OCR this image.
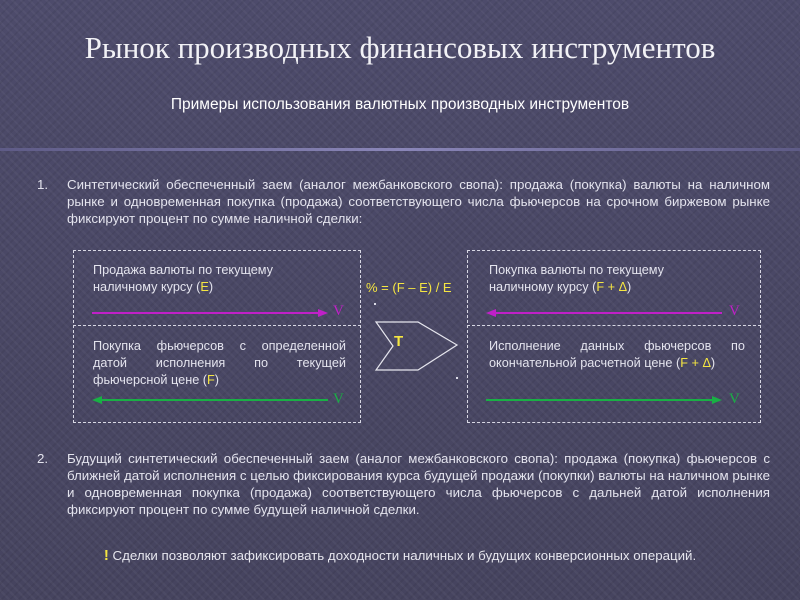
Рынок производных финансовых инструментов
Примеры использования валютных производных инструментов
1. Синтетический обеспеченный заем (аналог межбанковского свопа): продажа (покупка) валюты на наличном рынке и одновременная покупка (продажа) соответствующего числа фьючерсов на срочном биржевом рынке фиксируют процент по сумме наличной сделки:
Продажа валюты по текущему
наличному курсу (E)
V
Покупка фьючерсов с определенной датой исполнения по текущей фьючерсной цене (F)
V
% = (F – E) / E
T
Покупка валюты по текущему
наличному курсу (F + Δ)
V
Исполнение данных фьючерсов по окончательной расчетной цене (F + Δ)
V
2. Будущий синтетический обеспеченный заем (аналог межбанковского свопа): продажа (покупка) фьючерсов с ближней датой исполнения с целью фиксирования курса будущей продажи (покупки) валюты на наличном рынке и одновременная покупка (продажа) соответствующего числа фьючерсов с дальней датой исполнения фиксируют процент по сумме будущей наличной сделки.
! Сделки позволяют зафиксировать доходности наличных и будущих конверсионных операций.
